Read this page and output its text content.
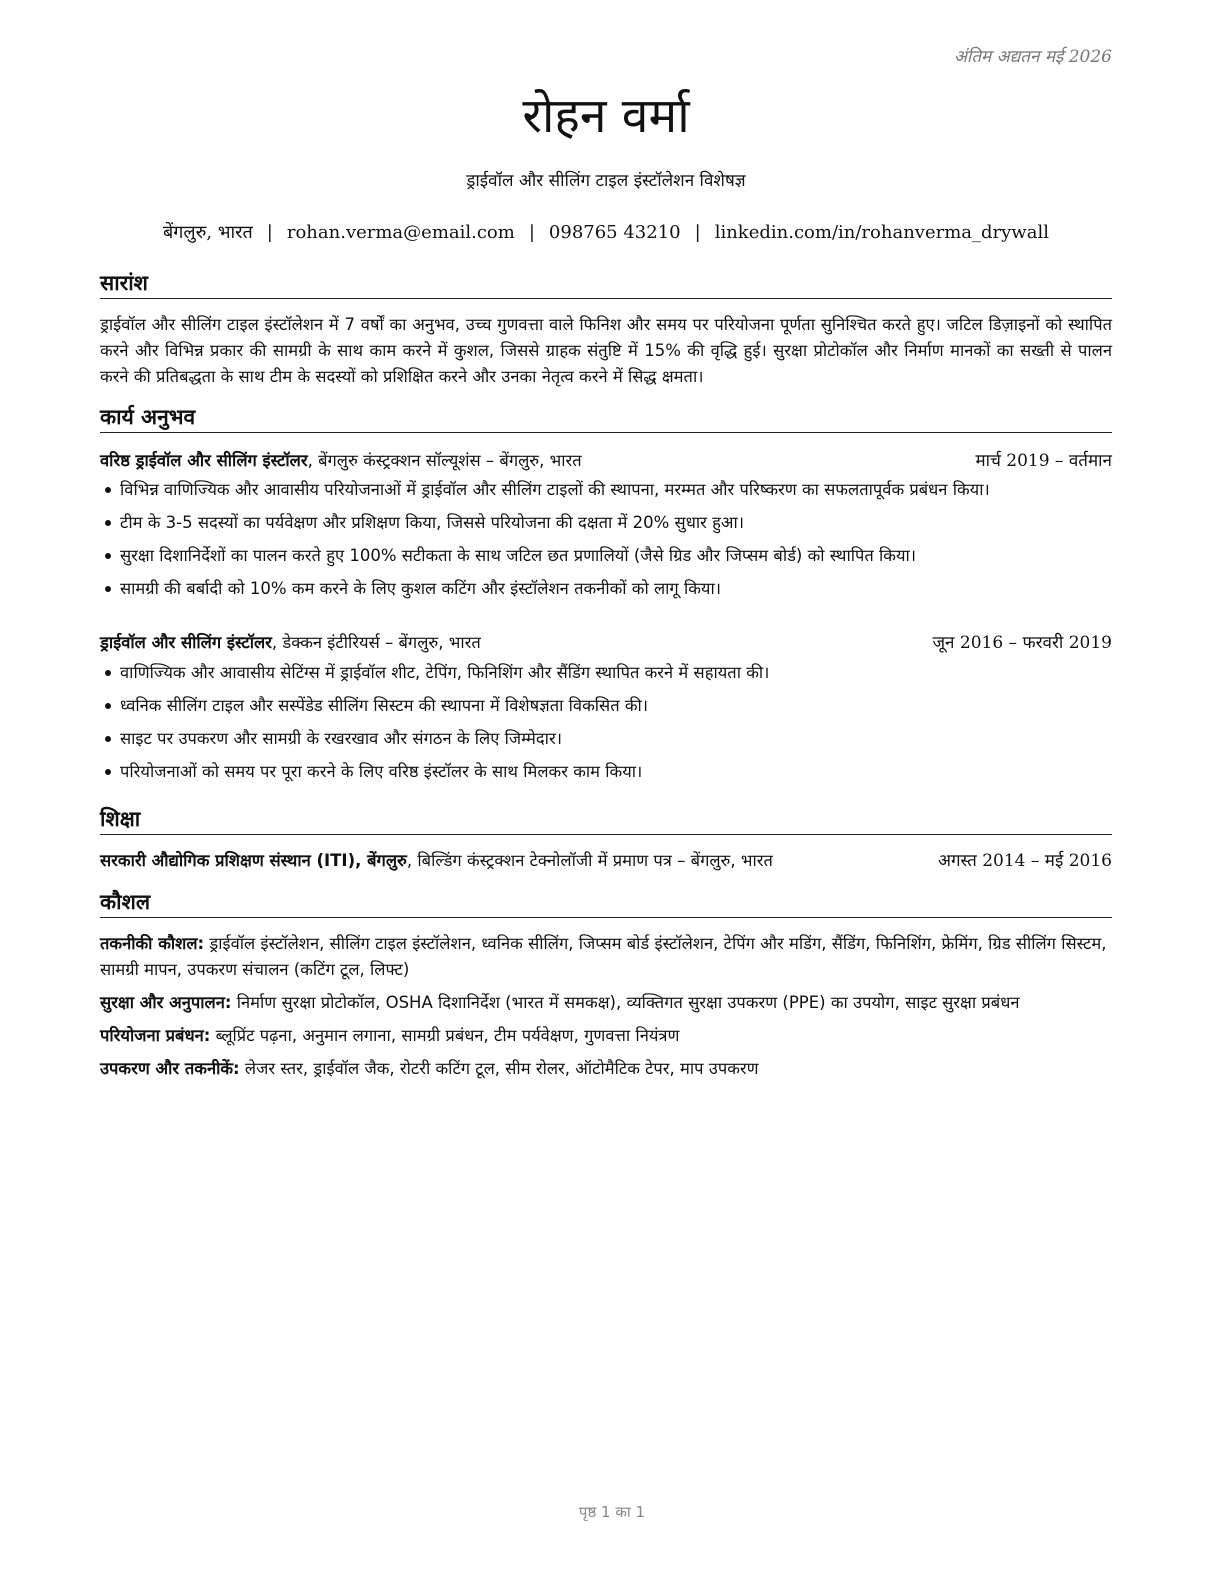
अंतिम अद्यतन मई 2026
रोहन वर्मा
ड्राईवॉल और सीलिंग टाइल इंस्टॉलेशन विशेषज्ञ
बेंगलुरु, भारत | rohan.verma@email.com | 098765 43210 | linkedin.com/in/rohanverma_drywall
सारांश
ड्राईवॉल और सीलिंग टाइल इंस्टॉलेशन में 7 वर्षों का अनुभव, उच्च गुणवत्ता वाले फिनिश और समय पर परियोजना पूर्णता सुनिश्चित करते हुए। जटिल डिज़ाइनों को स्थापित करने और विभिन्न प्रकार की सामग्री के साथ काम करने में कुशल, जिससे ग्राहक संतुष्टि में 15% की वृद्धि हुई। सुरक्षा प्रोटोकॉल और निर्माण मानकों का सख्ती से पालन करने की प्रतिबद्धता के साथ टीम के सदस्यों को प्रशिक्षित करने और उनका नेतृत्व करने में सिद्ध क्षमता।
कार्य अनुभव
वरिष्ठ ड्राईवॉल और सीलिंग इंस्टॉलर, बेंगलुरु कंस्ट्रक्शन सॉल्यूशंस – बेंगलुरु, भारत	मार्च 2019 – वर्तमान
विभिन्न वाणिज्यिक और आवासीय परियोजनाओं में ड्राईवॉल और सीलिंग टाइलों की स्थापना, मरम्मत और परिष्करण का सफलतापूर्वक प्रबंधन किया।
टीम के 3-5 सदस्यों का पर्यवेक्षण और प्रशिक्षण किया, जिससे परियोजना की दक्षता में 20% सुधार हुआ।
सुरक्षा दिशानिर्देशों का पालन करते हुए 100% सटीकता के साथ जटिल छत प्रणालियों (जैसे ग्रिड और जिप्सम बोर्ड) को स्थापित किया।
सामग्री की बर्बादी को 10% कम करने के लिए कुशल कटिंग और इंस्टॉलेशन तकनीकों को लागू किया।
ड्राईवॉल और सीलिंग इंस्टॉलर, डेक्कन इंटीरियर्स – बेंगलुरु, भारत	जून 2016 – फरवरी 2019
वाणिज्यिक और आवासीय सेटिंग्स में ड्राईवॉल शीट, टेपिंग, फिनिशिंग और सैंडिंग स्थापित करने में सहायता की।
ध्वनिक सीलिंग टाइल और सस्पेंडेड सीलिंग सिस्टम की स्थापना में विशेषज्ञता विकसित की।
साइट पर उपकरण और सामग्री के रखरखाव और संगठन के लिए जिम्मेदार।
परियोजनाओं को समय पर पूरा करने के लिए वरिष्ठ इंस्टॉलर के साथ मिलकर काम किया।
शिक्षा
सरकारी औद्योगिक प्रशिक्षण संस्थान (ITI), बेंगलुरु, बिल्डिंग कंस्ट्रक्शन टेक्नोलॉजी में प्रमाण पत्र – बेंगलुरु, भारत	अगस्त 2014 – मई 2016
कौशल
तकनीकी कौशल: ड्राईवॉल इंस्टॉलेशन, सीलिंग टाइल इंस्टॉलेशन, ध्वनिक सीलिंग, जिप्सम बोर्ड इंस्टॉलेशन, टेपिंग और मडिंग, सैंडिंग, फिनिशिंग, फ्रेमिंग, ग्रिड सीलिंग सिस्टम, सामग्री मापन, उपकरण संचालन (कटिंग टूल, लिफ्ट)
सुरक्षा और अनुपालन: निर्माण सुरक्षा प्रोटोकॉल, OSHA दिशानिर्देश (भारत में समकक्ष), व्यक्तिगत सुरक्षा उपकरण (PPE) का उपयोग, साइट सुरक्षा प्रबंधन
परियोजना प्रबंधन: ब्लूप्रिंट पढ़ना, अनुमान लगाना, सामग्री प्रबंधन, टीम पर्यवेक्षण, गुणवत्ता नियंत्रण
उपकरण और तकनीकें: लेजर स्तर, ड्राईवॉल जैक, रोटरी कटिंग टूल, सीम रोलर, ऑटोमैटिक टेपर, माप उपकरण
पृष्ठ 1 का 1
